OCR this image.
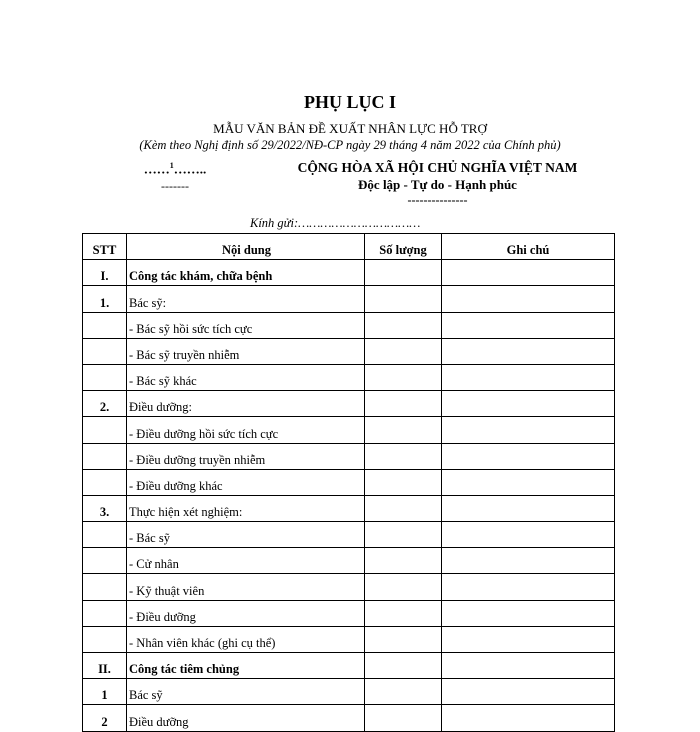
PHỤ LỤC I
MẪU VĂN BẢN ĐỀ XUẤT NHÂN LỰC HỖ TRỢ
(Kèm theo Nghị định số 29/2022/NĐ-CP ngày 29 tháng 4 năm 2022 của Chính phủ)
……$^1$……..
-------
CỘNG HÒA XÃ HỘI CHỦ NGHĨA VIỆT NAM
Độc lập - Tự do - Hạnh phúc
---------------
Kính gửi:……………………………
STT	Nội dung	Số lượng	Ghi chú
I.	Công tác khám, chữa bệnh		
1.	Bác sỹ:		
	- Bác sỹ hồi sức tích cực		
	- Bác sỹ truyền nhiễm		
	- Bác sỹ khác		
2.	Điều dưỡng:		
	- Điều dưỡng hồi sức tích cực		
	- Điều dưỡng truyền nhiễm		
	- Điều dưỡng khác		
3.	Thực hiện xét nghiệm:		
	- Bác sỹ		
	- Cử nhân		
	- Kỹ thuật viên		
	- Điều dưỡng		
	- Nhân viên khác (ghi cụ thể)		
II.	Công tác tiêm chủng		
1	Bác sỹ		
2	Điều dưỡng		
